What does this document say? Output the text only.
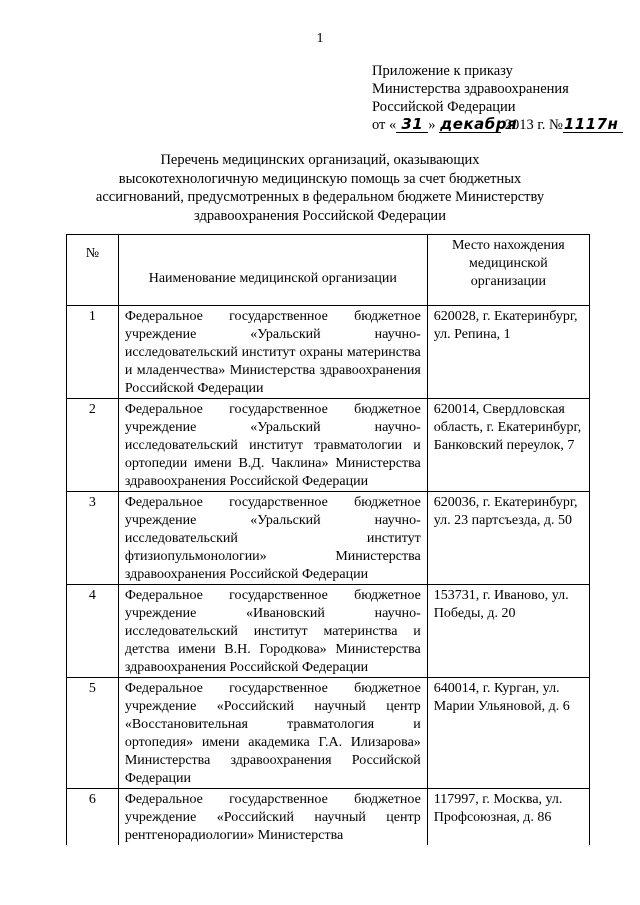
1
Приложение к приказу
Министерства здравоохранения
Российской Федерации
от « 31 » декабря 2013 г. №1117н
Перечень медицинских организаций, оказывающих
высокотехнологичную медицинскую помощь за счет бюджетных
ассигнований, предусмотренных в федеральном бюджете Министерству
здравоохранения Российской Федерации
№	Наименование медицинской организации	Место нахождения медицинской организации
1	Федеральное государственное бюджетное учреждение «Уральский научно-исследовательский институт охраны материнства и младенчества» Министерства здравоохранения Российской Федерации	620028, г. Екатеринбург, ул. Репина, 1
2	Федеральное государственное бюджетное учреждение «Уральский научно-исследовательский институт травматологии и ортопедии имени В.Д. Чаклина» Министерства здравоохранения Российской Федерации	620014, Свердловская область, г. Екатеринбург, Банковский переулок, 7
3	Федеральное государственное бюджетное учреждение «Уральский научно-исследовательский институт фтизиопульмонологии» Министерства здравоохранения Российской Федерации	620036, г. Екатеринбург, ул. 23 партсъезда, д. 50
4	Федеральное государственное бюджетное учреждение «Ивановский научно-исследовательский институт материнства и детства имени В.Н. Городкова» Министерства здравоохранения Российской Федерации	153731, г. Иваново, ул. Победы, д. 20
5	Федеральное государственное бюджетное учреждение «Российский научный центр «Восстановительная травматология и ортопедия» имени академика Г.А. Илизарова» Министерства здравоохранения Российской Федерации	640014, г. Курган, ул. Марии Ульяновой, д. 6
6	Федеральное государственное бюджетное учреждение «Российский научный центр рентгенорадиологии» Министерства	117997, г. Москва, ул. Профсоюзная, д. 86
